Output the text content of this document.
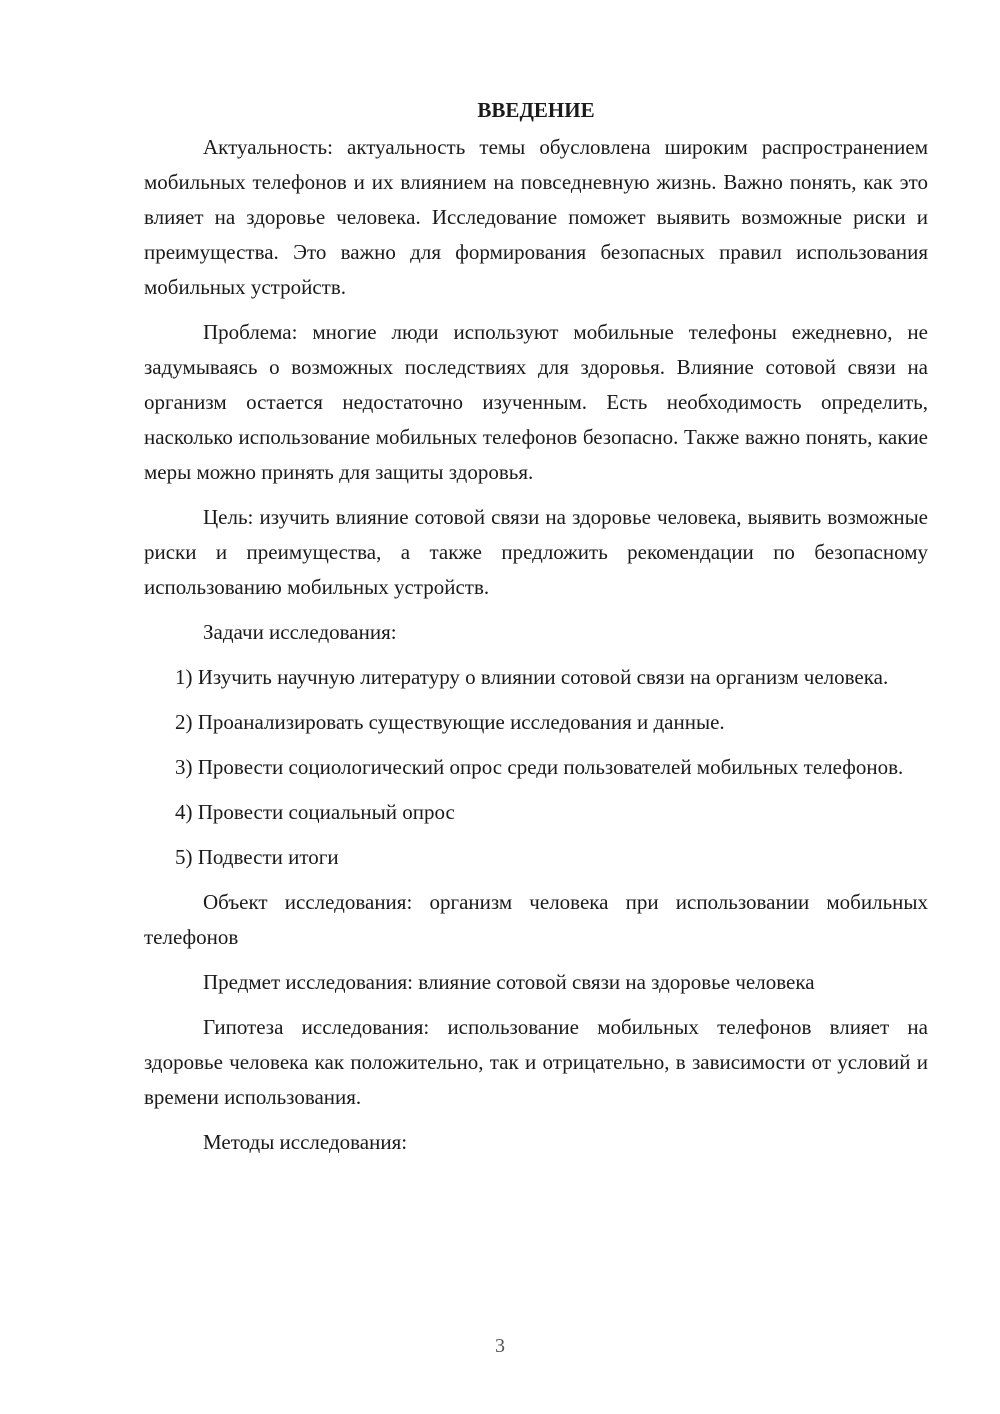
ВВЕДЕНИЕ

Актуальность: актуальность темы обусловлена широким распространением мобильных телефонов и их влиянием на повседневную жизнь. Важно понять, как это влияет на здоровье человека. Исследование поможет выявить возможные риски и преимущества. Это важно для формирования безопасных правил использования мобильных устройств.

Проблема: многие люди используют мобильные телефоны ежедневно, не задумываясь о возможных последствиях для здоровья. Влияние сотовой связи на организм остается недостаточно изученным. Есть необходимость определить, насколько использование мобильных телефонов безопасно. Также важно понять, какие меры можно принять для защиты здоровья.

Цель: изучить влияние сотовой связи на здоровье человека, выявить возможные риски и преимущества, а также предложить рекомендации по безопасному использованию мобильных устройств.

Задачи исследования:

1) Изучить научную литературу о влиянии сотовой связи на организм человека.

2) Проанализировать существующие исследования и данные.

3) Провести социологический опрос среди пользователей мобильных телефонов.

4) Провести социальный опрос

5) Подвести итоги

Объект исследования: организм человека при использовании мобильных телефонов

Предмет исследования: влияние сотовой связи на здоровье человека

Гипотеза исследования: использование мобильных телефонов влияет на здоровье человека как положительно, так и отрицательно, в зависимости от условий и времени использования.

Методы исследования:

3
